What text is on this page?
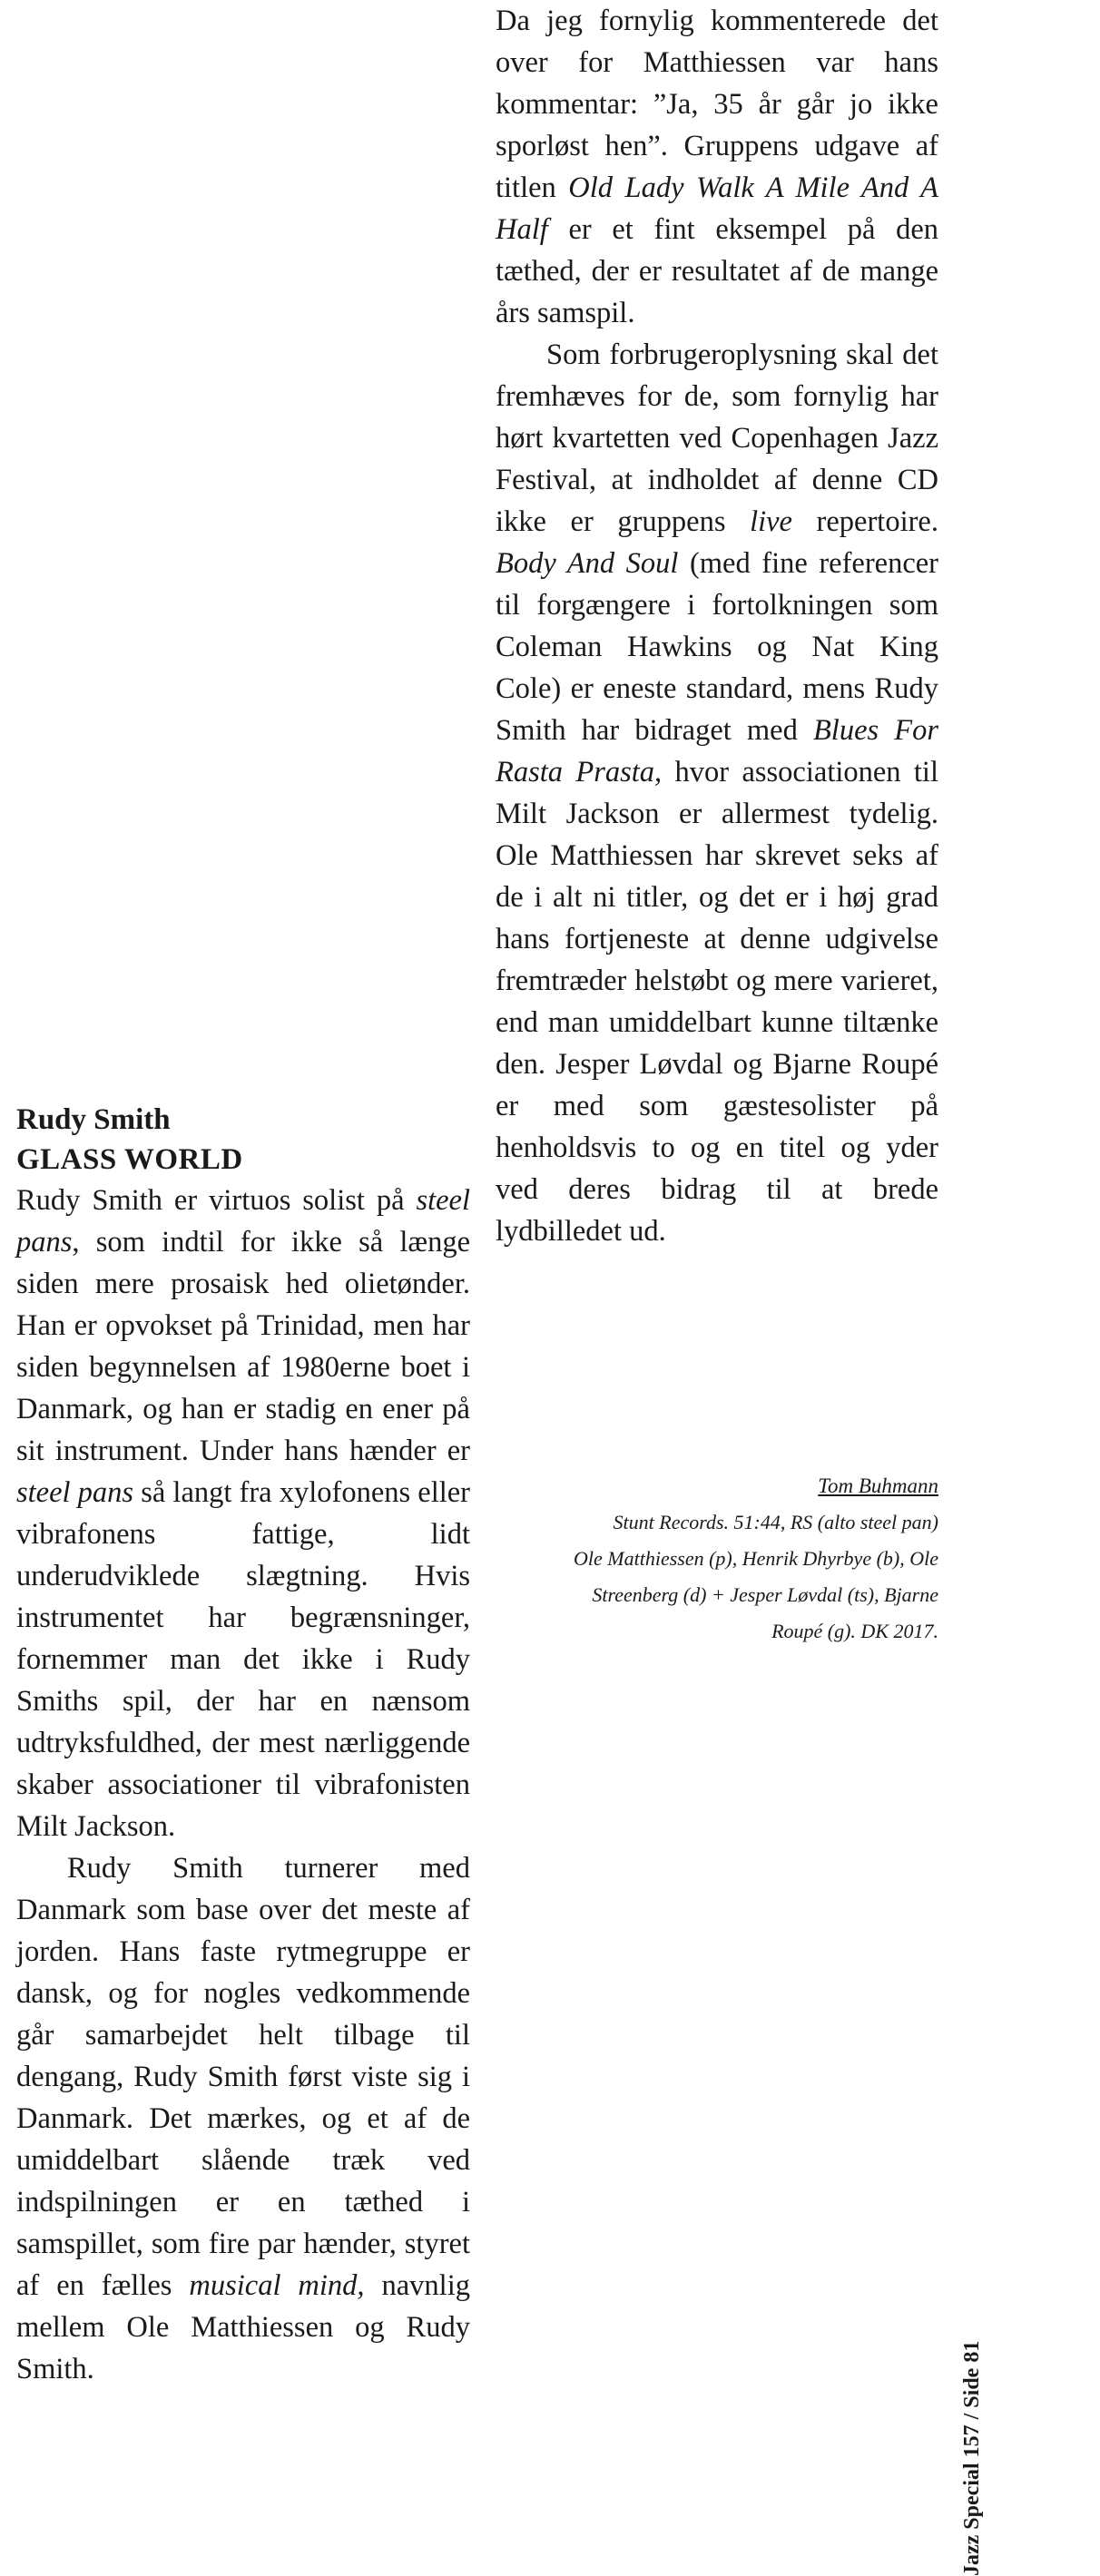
Rudy Smith
GLASS WORLD

Rudy Smith er virtuos solist på steel pans, som indtil for ikke så længe siden mere prosaisk hed olietønder. Han er opvokset på Trinidad, men har siden begynnelsen af 1980erne boet i Danmark, og han er stadig en ener på sit instrument. Under hans hænder er steel pans så langt fra xylofonens eller vibrafonens fattige, lidt underudviklede slægtning. Hvis instrumentet har begrænsninger, fornemmer man det ikke i Rudy Smiths spil, der har en nænsom udtryksfuldhed, der mest nærliggende skaber associationer til vibrafonisten Milt Jackson.

Rudy Smith turnerer med Danmark som base over det meste af jorden. Hans faste rytmegruppe er dansk, og for nogles vedkommende går samarbejdet helt tilbage til dengang, Rudy Smith først viste sig i Danmark. Det mærkes, og et af de umiddelbart slående træk ved indspilningen er en tæthed i samspillet, som fire par hænder, styret af en fælles musical mind, navnlig mellem Ole Matthiessen og Rudy Smith.

Da jeg fornylig kommenterede det over for Matthiessen var hans kommentar: ”Ja, 35 år går jo ikke sporløst hen”. Gruppens udgave af titlen Old Lady Walk A Mile And A Half er et fint eksempel på den tæthed, der er resultatet af de mange års samspil.

Som forbrugeroplysning skal det fremhæves for de, som fornylig har hørt kvartetten ved Copenhagen Jazz Festival, at indholdet af denne CD ikke er gruppens live repertoire. Body And Soul (med fine referencer til forgængere i fortolkningen som Coleman Hawkins og Nat King Cole) er eneste standard, mens Rudy Smith har bidraget med Blues For Rasta Prasta, hvor associationen til Milt Jackson er allermest tydelig. Ole Matthiessen har skrevet seks af de i alt ni titler, og det er i høj grad hans fortjeneste at denne udgivelse fremtræder helstøbt og mere varieret, end man umiddelbart kunne tiltænke den. Jesper Løvdal og Bjarne Roupé er med som gæstesolister på henholdsvis to og en titel og yder ved deres bidrag til at brede lydbilledet ud.

Tom Buhmann
Stunt Records. 51:44, RS (alto steel pan)
Ole Matthiessen (p), Henrik Dhyrbye (b), Ole
Streenberg (d) + Jesper Løvdal (ts), Bjarne
Roupé (g). DK 2017.
Jazz Special 157 / Side 81
